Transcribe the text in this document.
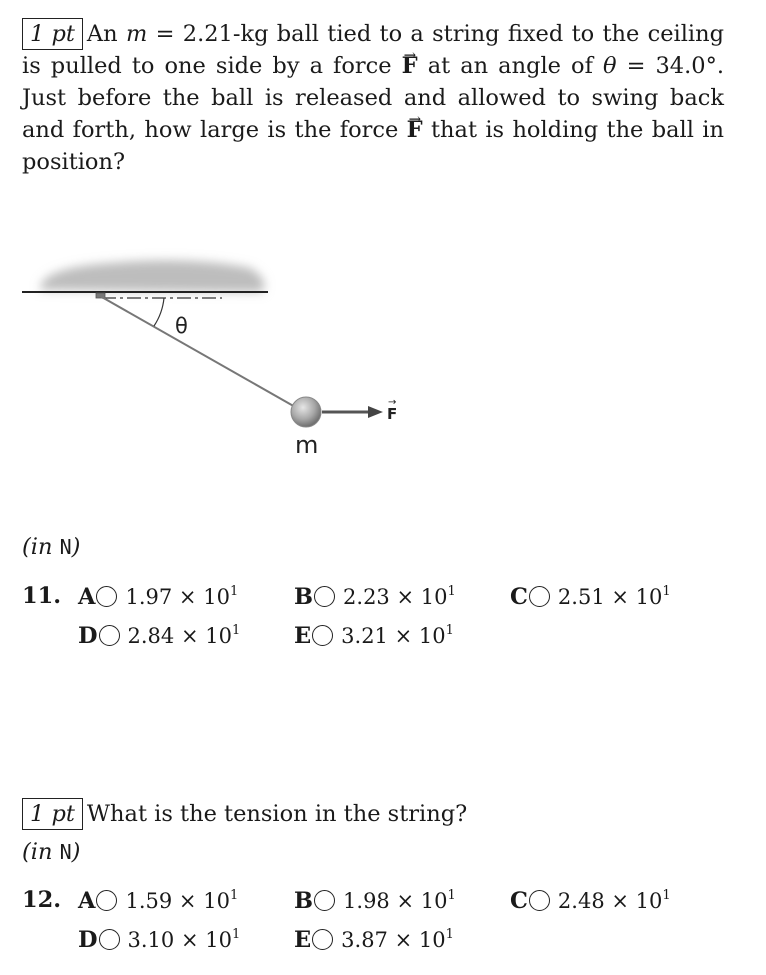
1 pt An m = 2.21-kg ball tied to a string fixed to the ceiling is pulled to one side by a force → F at an angle of θ = 34.0°. Just before the ball is released and allowed to swing back and forth, how large is the force → F that is holding the ball in position?
θ
F
→
m
(in N)
11. A $1.97 \times 10^1$ B $2.23 \times 10^1$ C $2.51 \times 10^1$
D $2.84 \times 10^1$ E $3.21 \times 10^1$
1 pt What is the tension in the string?
(in N)
12. A $1.59 \times 10^1$ B $1.98 \times 10^1$ C $2.48 \times 10^1$
D $3.10 \times 10^1$ E $3.87 \times 10^1$
